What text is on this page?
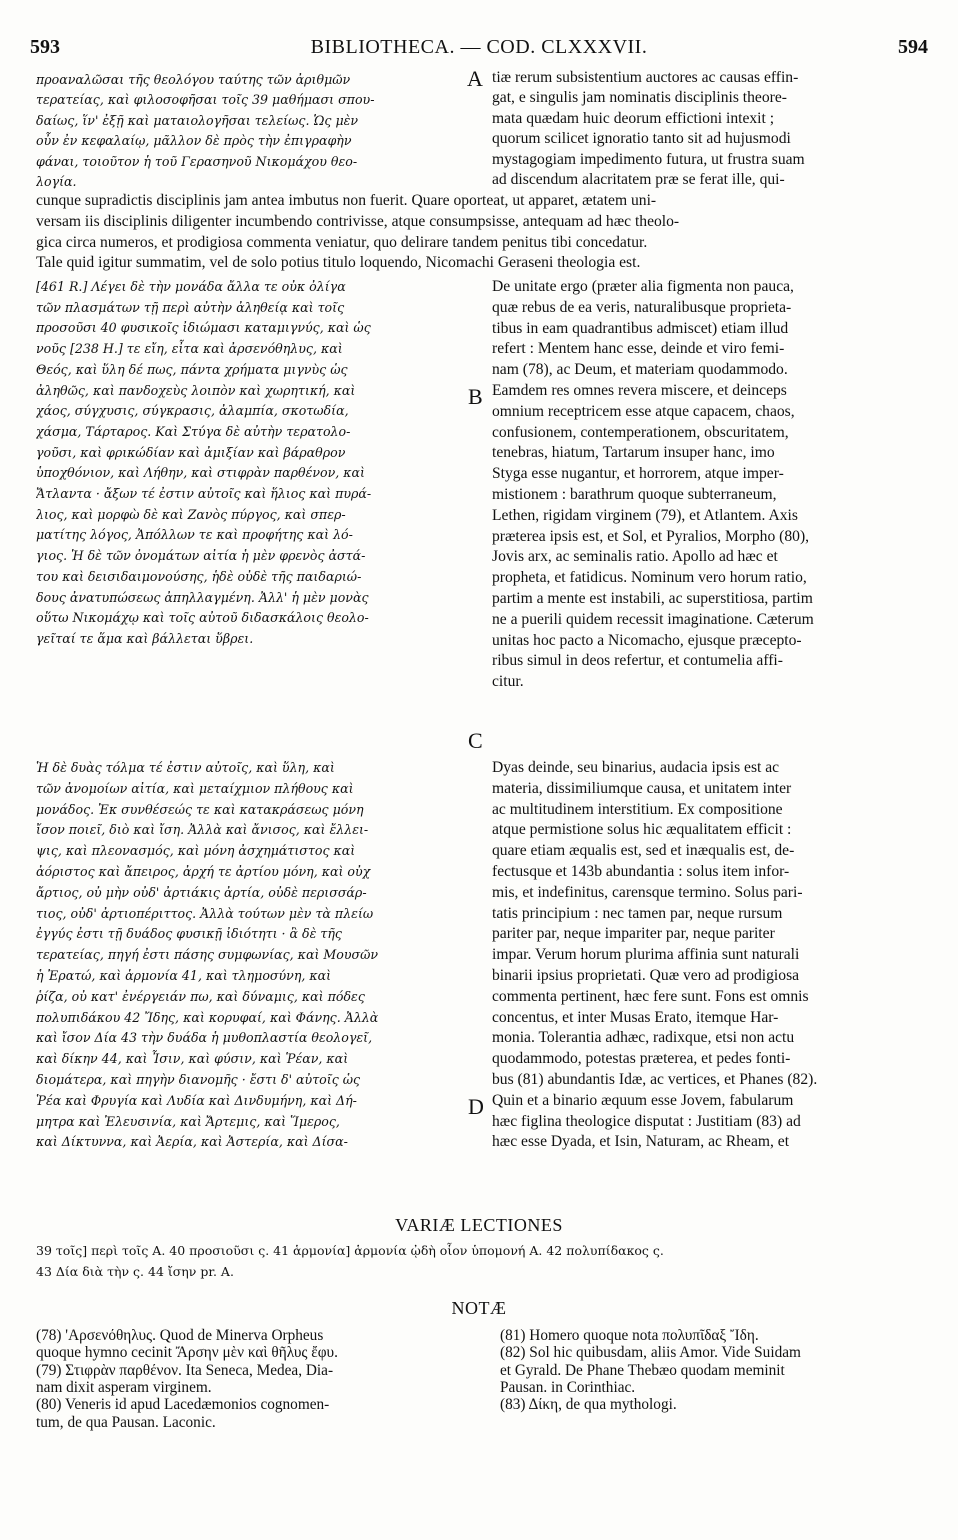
593	BIBLIOTHECA. — COD. CLXXXVII.	594
A
B
C
D
προαναλῶσαι τῆς θεολόγου ταύτης τῶν ἀριθμῶν
τερατείας, καὶ φιλοσοφῆσαι τοῖς 39 μαθήμασι σπου-
δαίως, ἵν' ἐξῇ καὶ ματαιολογῆσαι τελείως. Ὡς μὲν
οὖν ἐν κεφαλαίῳ, μᾶλλον δὲ πρὸς τὴν ἐπιγραφὴν
φάναι, τοιοῦτον ἡ τοῦ Γερασηνοῦ Νικομάχου θεο-
λογία.
tiæ rerum subsistentium auctores ac causas effin-
gat, e singulis jam nominatis disciplinis theore-
mata quædam huic deorum effictioni intexit ;
quorum scilicet ignoratio tanto sit ad hujusmodi
mystagogiam impedimento futura, ut frustra suam
ad discendum alacritatem præ se ferat ille, qui-
cunque supradictis disciplinis jam antea imbutus non fuerit. Quare oporteat, ut apparet, ætatem uni-
versam iis disciplinis diligenter incumbendo contrivisse, atque consumpsisse, antequam ad hæc theolo-
gica circa numeros, et prodigiosa commenta veniatur, quo delirare tandem penitus tibi concedatur.
Tale quid igitur summatim, vel de solo potius titulo loquendo, Nicomachi Geraseni theologia est.
[461 R.] Λέγει δὲ τὴν μονάδα ἄλλα τε οὐκ ὀλίγα
τῶν πλασμάτων τῇ περὶ αὐτὴν ἀληθείᾳ καὶ τοῖς
προσοῦσι 40 φυσικοῖς ἰδιώμασι καταμιγνύς, καὶ ὡς
νοῦς [238 H.] τε εἴη, εἶτα καὶ ἀρσενόθηλυς, καὶ
Θεός, καὶ ὕλη δέ πως, πάντα χρήματα μιγνὺς ὡς
ἀληθῶς, καὶ πανδοχεὺς λοιπὸν καὶ χωρητική, καὶ
χάος, σύγχυσις, σύγκρασις, ἀλαμπία, σκοτωδία,
χάσμα, Τάρταρος. Καὶ Στύγα δὲ αὐτὴν τερατολο-
γοῦσι, καὶ φρικώδίαν καὶ ἀμιξίαν καὶ βάραθρον
ὑποχθόνιον, καὶ Λήθην, καὶ στιφρὰν παρθένον, καὶ
Ἄτλαντα · ἄξων τέ ἐστιν αὐτοῖς καὶ ἥλιος καὶ πυρά-
λιος, καὶ μορφὼ δὲ καὶ Ζανὸς πύργος, καὶ σπερ-
ματίτης λόγος, Ἀπόλλων τε καὶ προφήτης καὶ λό-
γιος. Ἡ δὲ τῶν ὀνομάτων αἰτία ἡ μὲν φρενὸς ἀστά-
του καὶ δεισιδαιμονούσης, ἡδὲ οὐδὲ τῆς παιδαριώ-
δους ἀνατυπώσεως ἀπηλλαγμένη. Ἀλλ' ἡ μὲν μονὰς
οὕτω Νικομάχῳ καὶ τοῖς αὐτοῦ διδασκάλοις θεολο-
γεῖταί τε ἅμα καὶ βάλλεται ὕβρει.
De unitate ergo (præter alia figmenta non pauca,
quæ rebus de ea veris, naturalibusque proprieta-
tibus in eam quadrantibus admiscet) etiam illud
refert : Mentem hanc esse, deinde et viro femi-
nam (78), ac Deum, et materiam quodammodo.
Eamdem res omnes revera miscere, et deinceps
omnium receptricem esse atque capacem, chaos,
confusionem, contemperationem, obscuritatem,
tenebras, hiatum, Tartarum insuper hanc, imo
Styga esse nugantur, et horrorem, atque imper-
mistionem : barathrum quoque subterraneum,
Lethen, rigidam virginem (79), et Atlantem. Axis
præterea ipsis est, et Sol, et Pyralios, Morpho (80),
Jovis arx, ac seminalis ratio. Apollo ad hæc et
propheta, et fatidicus. Nominum vero horum ratio,
partim a mente est instabili, ac superstitiosa, partim
ne a puerili quidem recessit imaginatione. Cæterum
unitas hoc pacto a Nicomacho, ejusque præcepto-
ribus simul in deos refertur, et contumelia affi-
citur.
Ἡ δὲ δυὰς τόλμα τέ ἐστιν αὐτοῖς, καὶ ὕλη, καὶ
τῶν ἀνομοίων αἰτία, καὶ μεταίχμιον πλήθους καὶ
μονάδος. Ἐκ συνθέσεώς τε καὶ κατακράσεως μόνη
ἴσον ποιεῖ, διὸ καὶ ἴση. Ἀλλὰ καὶ ἄνισος, καὶ ἔλλει-
ψις, καὶ πλεονασμός, καὶ μόνη ἀσχημάτιστος καὶ
ἀόριστος καὶ ἄπειρος, ἀρχή τε ἀρτίου μόνη, καὶ οὐχ
ἄρτιος, οὐ μὴν οὐδ' ἀρτιάκις ἀρτία, οὐδὲ περισσάρ-
τιος, οὐδ' ἀρτιοπέριττος. Ἀλλὰ τούτων μὲν τὰ πλείω
ἐγγύς ἐστι τῇ δυάδος φυσικῇ ἰδιότητι · ἃ δὲ τῆς
τερατείας, πηγή ἐστι πάσης συμφωνίας, καὶ Μουσῶν
ἡ Ἐρατώ, καὶ ἁρμονία 41, καὶ τλημοσύνη, καὶ
ῥίζα, οὐ κατ' ἐνέργειάν πω, καὶ δύναμις, καὶ πόδες
πολυπιδάκου 42 Ἴδης, καὶ κορυφαί, καὶ Φάνης. Ἀλλὰ
καὶ ἴσον Δία 43 τὴν δυάδα ἡ μυθοπλαστία θεολογεῖ,
καὶ δίκην 44, καὶ Ἶσιν, καὶ φύσιν, καὶ Ῥέαν, καὶ
διομάτερα, καὶ πηγὴν διανομῆς · ἔστι δ' αὐτοῖς ὡς
Ῥέα καὶ Φρυγία καὶ Λυδία καὶ Δινδυμήνη, καὶ Δή-
μητρα καὶ Ἐλευσινία, καὶ Ἄρτεμις, καὶ Ἵμερος,
καὶ Δίκτυννα, καὶ Ἀερία, καὶ Ἀστερία, καὶ Δίσα-
Dyas deinde, seu binarius, audacia ipsis est ac
materia, dissimiliumque causa, et unitatem inter
ac multitudinem interstitium. Ex compositione
atque permistione solus hic æqualitatem efficit :
quare etiam æqualis est, sed et inæqualis est, de-
fectusque et 143b abundantia : solus item infor-
mis, et indefinitus, carensque termino. Solus pari-
tatis principium : nec tamen par, neque rursum
pariter par, neque impariter par, neque pariter
impar. Verum horum plurima affinia sunt naturali
binarii ipsius proprietati. Quæ vero ad prodigiosa
commenta pertinent, hæc fere sunt. Fons est omnis
concentus, et inter Musas Erato, itemque Har-
monia. Tolerantia adhæc, radixque, etsi non actu
quodammodo, potestas præterea, et pedes fonti-
bus (81) abundantis Idæ, ac vertices, et Phanes (82).
Quin et a binario æquum esse Jovem, fabularum
hæc figlina theologice disputat : Justitiam (83) ad
hæc esse Dyada, et Isin, Naturam, ac Rheam, et
VARIÆ LECTIONES
39 τοῖς] περὶ τοῖς A. 40 προσιοῦσι ς. 41 ἁρμονία] ἁρμονία ᾠδὴ οἷον ὑπομονή A. 42 πολυπίδακος ς.
43 Δία διὰ τὴν ς. 44 ἴσην pr. A.
NOTÆ
(78) 'Αρσενόθηλυς. Quod de Minerva Orpheus
quoque hymno cecinit Ἄρσην μὲν καὶ θῆλυς ἔφυ.
(79) Στιφρὰν παρθένον. Ita Seneca, Medea, Dia-
nam dixit asperam virginem.
(80) Veneris id apud Lacedæmonios cognomen-
tum, de qua Pausan. Laconic.
(81) Homero quoque nota πολυπῖδαξ Ἴδη.
(82) Sol hic quibusdam, aliis Amor. Vide Suidam
et Gyrald. De Phane Thebæo quodam meminit
Pausan. in Corinthiac.
(83) Δίκη, de qua mythologi.
